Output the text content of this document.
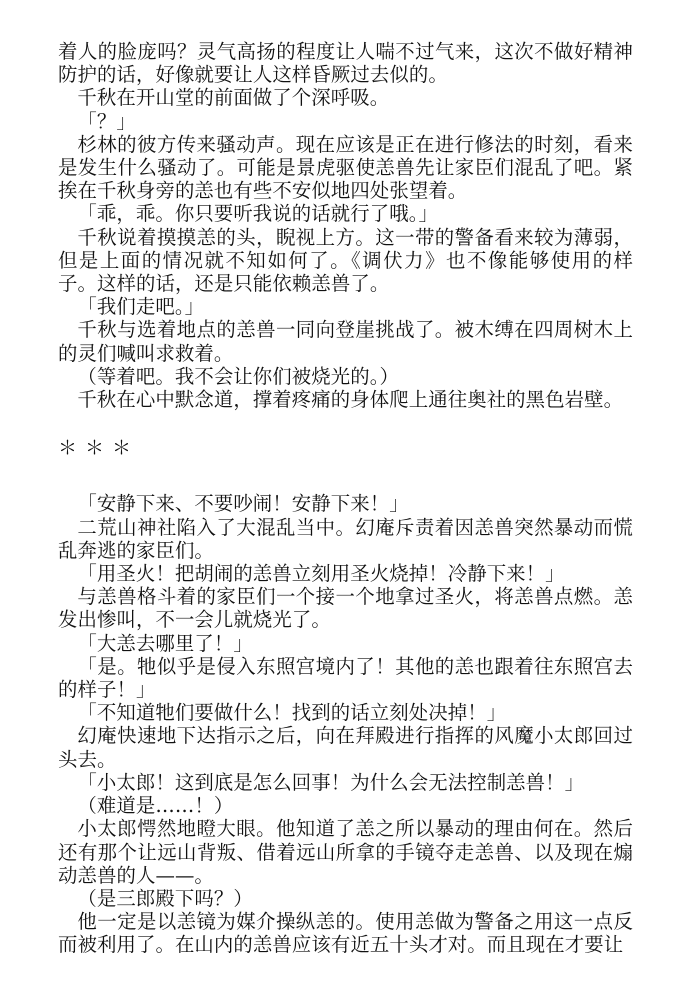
着人的脸庞吗？灵气高扬的程度让人喘不过气来，这次不做好精神防护的话，好像就要让人这样昏厥过去似的。

千秋在开山堂的前面做了个深呼吸。

「？」

杉林的彼方传来骚动声。现在应该是正在进行修法的时刻，看来是发生什么骚动了。可能是景虎驱使恙兽先让家臣们混乱了吧。紧挨在千秋身旁的恙也有些不安似地四处张望着。

「乖，乖。你只要听我说的话就行了哦。」

千秋说着摸摸恙的头，睨视上方。这一带的警备看来较为薄弱，但是上面的情况就不知如何了。《调伏力》也不像能够使用的样子。这样的话，还是只能依赖恙兽了。

「我们走吧。」

千秋与选着地点的恙兽一同向登崖挑战了。被木缚在四周树木上的灵们喊叫求救着。

（等着吧。我不会让你们被烧光的。）

千秋在心中默念道，撑着疼痛的身体爬上通往奥社的黑色岩壁。

＊＊＊

「安静下来、不要吵闹！安静下来！」

二荒山神社陷入了大混乱当中。幻庵斥责着因恙兽突然暴动而慌乱奔逃的家臣们。

「用圣火！把胡闹的恙兽立刻用圣火烧掉！冷静下来！」

与恙兽格斗着的家臣们一个接一个地拿过圣火，将恙兽点燃。恙发出惨叫，不一会儿就烧光了。

「大恙去哪里了！」

「是。牠似乎是侵入东照宫境内了！其他的恙也跟着往东照宫去的样子！」

「不知道牠们要做什么！找到的话立刻处决掉！」

幻庵快速地下达指示之后，向在拜殿进行指挥的风魔小太郎回过头去。

「小太郎！这到底是怎么回事！为什么会无法控制恙兽！」

（难道是……！）

小太郎愕然地瞪大眼。他知道了恙之所以暴动的理由何在。然后还有那个让远山背叛、借着远山所拿的手镜夺走恙兽、以及现在煽动恙兽的人——。

（是三郎殿下吗？）

他一定是以恙镜为媒介操纵恙的。使用恙做为警备之用这一点反而被利用了。在山内的恙兽应该有近五十头才对。而且现在才要让
